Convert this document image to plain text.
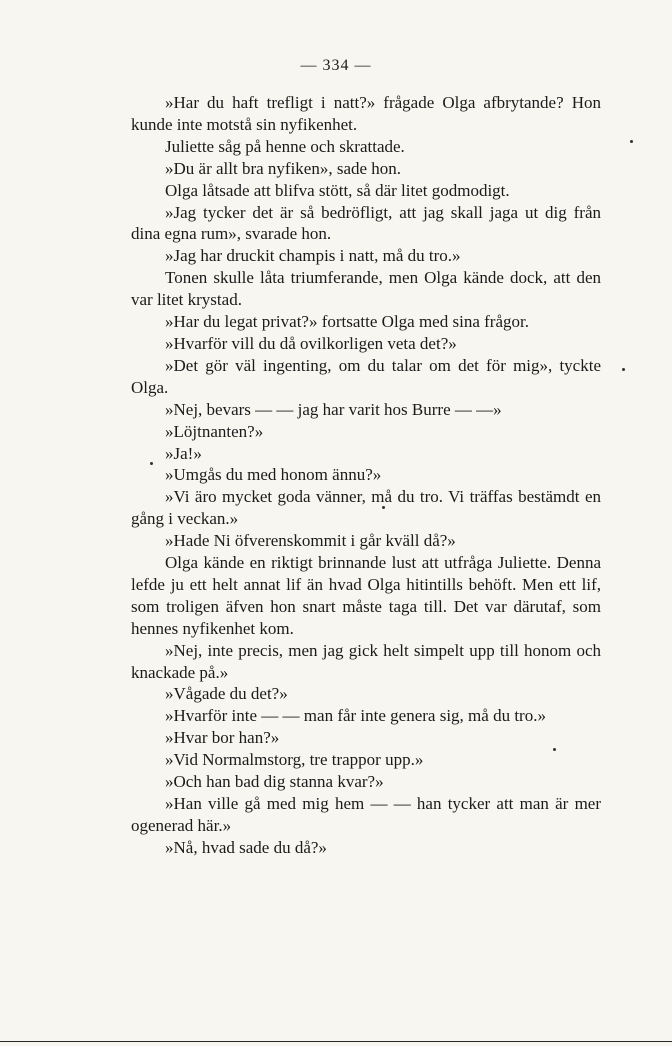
— 334 —

»Har du haft trefligt i natt?» frågade Olga afbrytande? Hon kunde inte motstå sin nyfikenhet.

Juliette såg på henne och skrattade.

»Du är allt bra nyfiken», sade hon.

Olga låtsade att blifva stött, så där litet godmodigt.

»Jag tycker det är så bedröfligt, att jag skall jaga ut dig från dina egna rum», svarade hon.

»Jag har druckit champis i natt, må du tro.»

Tonen skulle låta triumferande, men Olga kände dock, att den var litet krystad.

»Har du legat privat?» fortsatte Olga med sina frågor.

»Hvarför vill du då ovilkorligen veta det?»

»Det gör väl ingenting, om du talar om det för mig», tyckte Olga.

»Nej, bevars — — jag har varit hos Burre — —»

»Löjtnanten?»

»Ja!»

»Umgås du med honom ännu?»

»Vi äro mycket goda vänner, må du tro. Vi träffas bestämdt en gång i veckan.»

»Hade Ni öfverenskommit i går kväll då?»

Olga kände en riktigt brinnande lust att utfråga Juliette. Denna lefde ju ett helt annat lif än hvad Olga hitintills behöft. Men ett lif, som troligen äfven hon snart måste taga till. Det var därutaf, som hennes nyfikenhet kom.

»Nej, inte precis, men jag gick helt simpelt upp till honom och knackade på.»

»Vågade du det?»

»Hvarför inte — — man får inte genera sig, må du tro.»

»Hvar bor han?»

»Vid Normalmstorg, tre trappor upp.»

»Och han bad dig stanna kvar?»

»Han ville gå med mig hem — — han tycker att man är mer ogenerad här.»

»Nå, hvad sade du då?»
